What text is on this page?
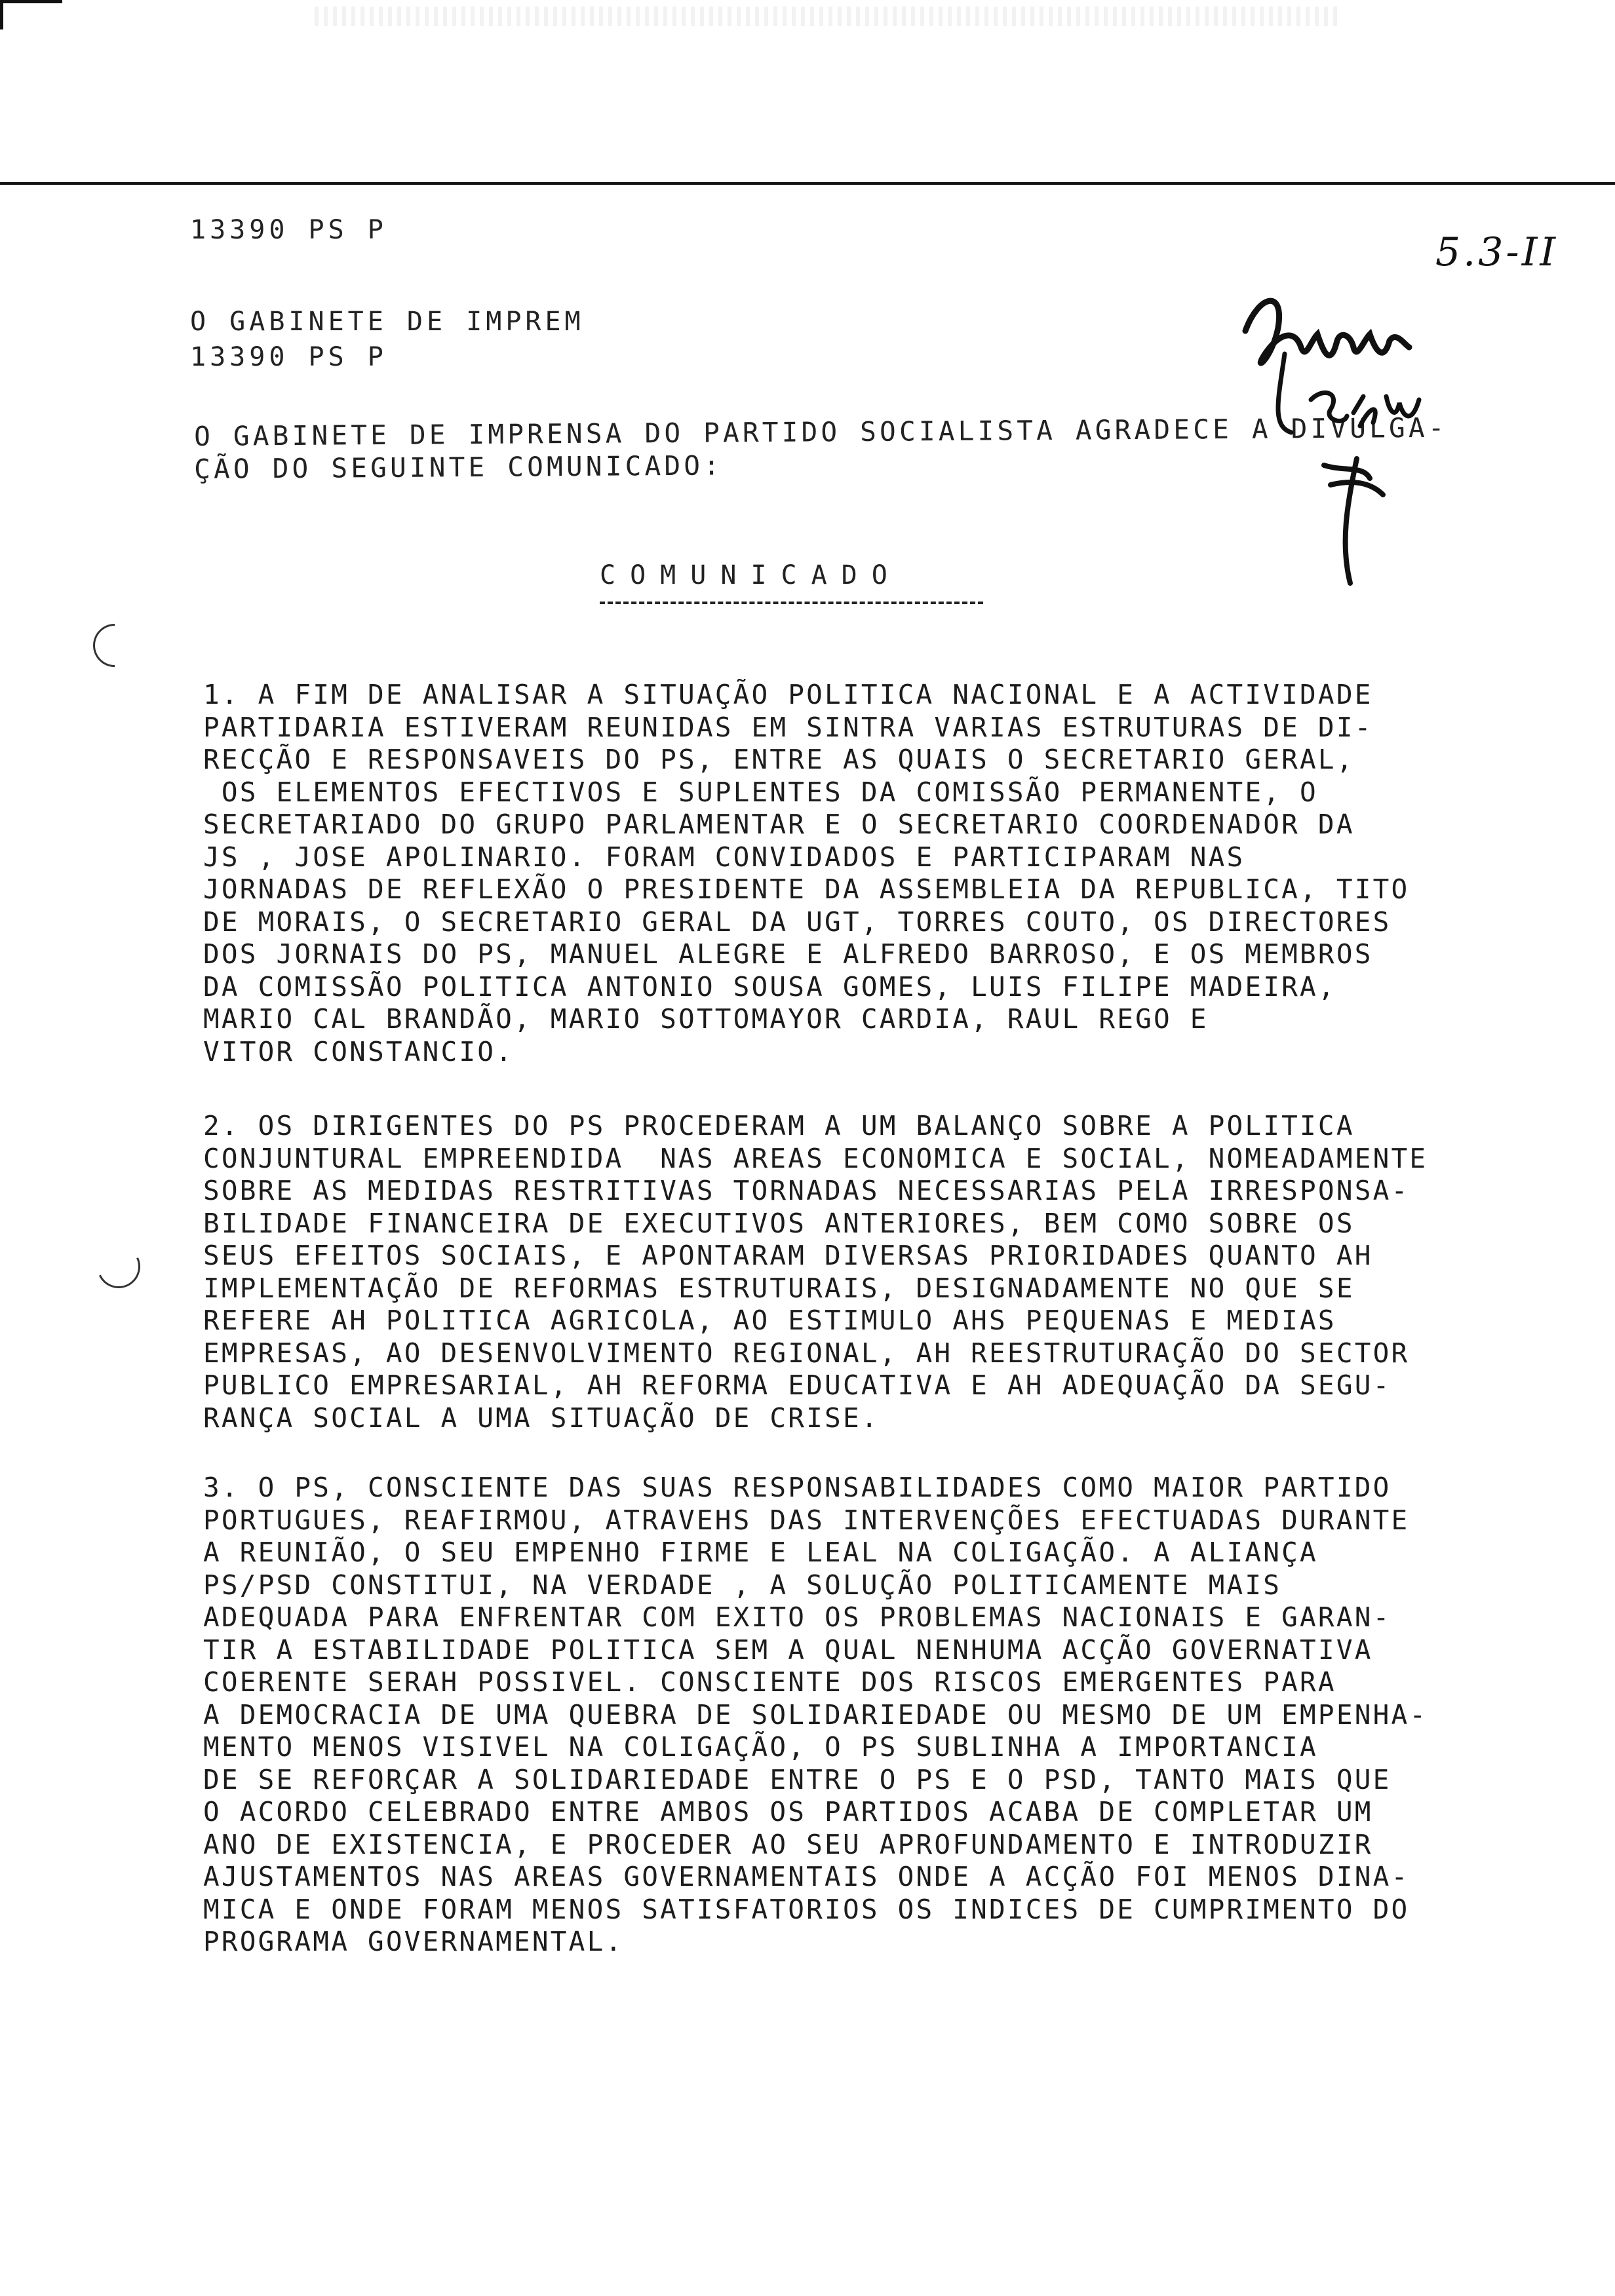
13390 PS P
O GABINETE DE IMPREM
13390 PS P
O GABINETE DE IMPRENSA DO PARTIDO SOCIALISTA AGRADECE A DIVULGA-
ÇÃO DO SEGUINTE COMUNICADO:
COMUNICADO
5.3-II
1. A FIM DE ANALISAR A SITUAÇÃO POLITICA NACIONAL E A ACTIVIDADE
PARTIDARIA ESTIVERAM REUNIDAS EM SINTRA VARIAS ESTRUTURAS DE DI-
RECÇÃO E RESPONSAVEIS DO PS, ENTRE AS QUAIS O SECRETARIO GERAL,
OS ELEMENTOS EFECTIVOS E SUPLENTES DA COMISSÃO PERMANENTE, O
SECRETARIADO DO GRUPO PARLAMENTAR E O SECRETARIO COORDENADOR DA
JS , JOSE APOLINARIO. FORAM CONVIDADOS E PARTICIPARAM NAS
JORNADAS DE REFLEXÃO O PRESIDENTE DA ASSEMBLEIA DA REPUBLICA, TITO
DE MORAIS, O SECRETARIO GERAL DA UGT, TORRES COUTO, OS DIRECTORES
DOS JORNAIS DO PS, MANUEL ALEGRE E ALFREDO BARROSO, E OS MEMBROS
DA COMISSÃO POLITICA ANTONIO SOUSA GOMES, LUIS FILIPE MADEIRA,
MARIO CAL BRANDÃO, MARIO SOTTOMAYOR CARDIA, RAUL REGO E
VITOR CONSTANCIO.
2. OS DIRIGENTES DO PS PROCEDERAM A UM BALANÇO SOBRE A POLITICA
CONJUNTURAL EMPREENDIDA  NAS AREAS ECONOMICA E SOCIAL, NOMEADAMENTE
SOBRE AS MEDIDAS RESTRITIVAS TORNADAS NECESSARIAS PELA IRRESPONSA-
BILIDADE FINANCEIRA DE EXECUTIVOS ANTERIORES, BEM COMO SOBRE OS
SEUS EFEITOS SOCIAIS, E APONTARAM DIVERSAS PRIORIDADES QUANTO AH
IMPLEMENTAÇÃO DE REFORMAS ESTRUTURAIS, DESIGNADAMENTE NO QUE SE
REFERE AH POLITICA AGRICOLA, AO ESTIMULO AHS PEQUENAS E MEDIAS
EMPRESAS, AO DESENVOLVIMENTO REGIONAL, AH REESTRUTURAÇÃO DO SECTOR
PUBLICO EMPRESARIAL, AH REFORMA EDUCATIVA E AH ADEQUAÇÃO DA SEGU-
RANÇA SOCIAL A UMA SITUAÇÃO DE CRISE.
3. O PS, CONSCIENTE DAS SUAS RESPONSABILIDADES COMO MAIOR PARTIDO
PORTUGUES, REAFIRMOU, ATRAVEHS DAS INTERVENÇÕES EFECTUADAS DURANTE
A REUNIÃO, O SEU EMPENHO FIRME E LEAL NA COLIGAÇÃO. A ALIANÇA
PS/PSD CONSTITUI, NA VERDADE , A SOLUÇÃO POLITICAMENTE MAIS
ADEQUADA PARA ENFRENTAR COM EXITO OS PROBLEMAS NACIONAIS E GARAN-
TIR A ESTABILIDADE POLITICA SEM A QUAL NENHUMA ACÇÃO GOVERNATIVA
COERENTE SERAH POSSIVEL. CONSCIENTE DOS RISCOS EMERGENTES PARA
A DEMOCRACIA DE UMA QUEBRA DE SOLIDARIEDADE OU MESMO DE UM EMPENHA-
MENTO MENOS VISIVEL NA COLIGAÇÃO, O PS SUBLINHA A IMPORTANCIA
DE SE REFORÇAR A SOLIDARIEDADE ENTRE O PS E O PSD, TANTO MAIS QUE
O ACORDO CELEBRADO ENTRE AMBOS OS PARTIDOS ACABA DE COMPLETAR UM
ANO DE EXISTENCIA, E PROCEDER AO SEU APROFUNDAMENTO E INTRODUZIR
AJUSTAMENTOS NAS AREAS GOVERNAMENTAIS ONDE A ACÇÃO FOI MENOS DINA-
MICA E ONDE FORAM MENOS SATISFATORIOS OS INDICES DE CUMPRIMENTO DO
PROGRAMA GOVERNAMENTAL.
